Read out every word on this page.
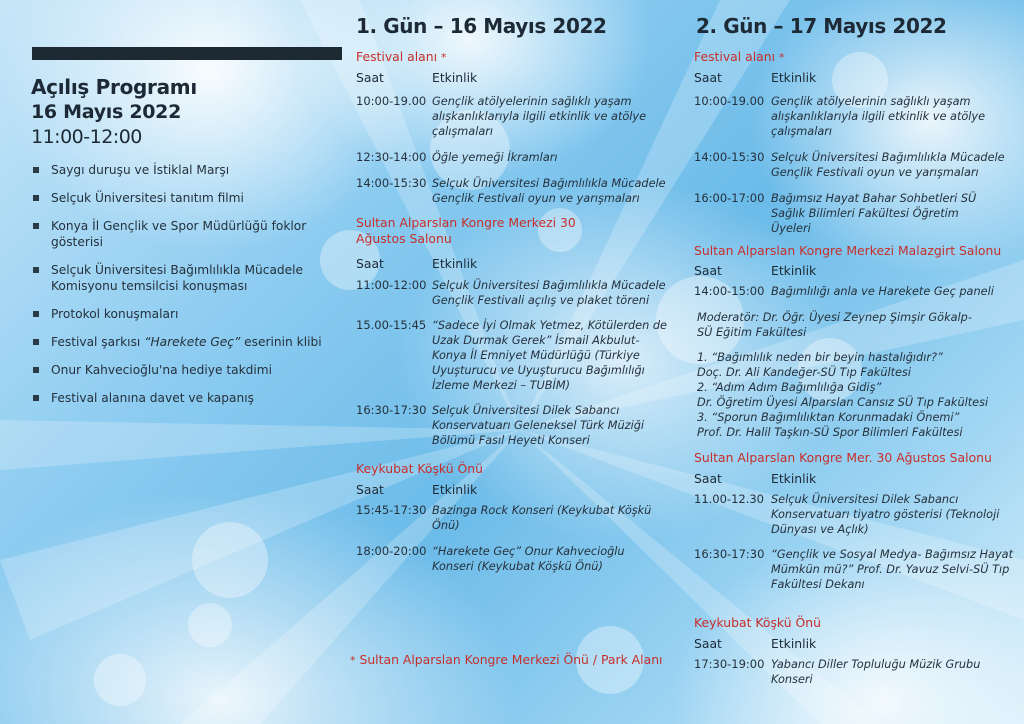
Açılış Programı
16 Mayıs 2022
11:00-12:00
Saygı duruşu ve İstiklal Marşı
Selçuk Üniversitesi tanıtım filmi
Konya İl Gençlik ve Spor Müdürlüğü foklor gösterisi
Selçuk Üniversitesi Bağımlılıkla Mücadele Komisyonu temsilcisi konuşması
Protokol konuşmaları
Festival şarkısı “Harekete Geç” eserinin klibi
Onur Kahvecioğlu'na hediye takdimi
Festival alanına davet ve kapanış
1. Gün – 16 Mayıs 2022
Festival alanı *
Saat	Etkinlik
10:00-19.00 Gençlik atölyelerinin sağlıklı yaşam alışkanlıklarıyla ilgili etkinlik ve atölye çalışmaları
12:30-14:00 Öğle yemeği İkramları
14:00-15:30 Selçuk Üniversitesi Bağımlılıkla Mücadele Gençlik Festivali oyun ve yarışmaları
Sultan Alparslan Kongre Merkezi 30 Ağustos Salonu
Saat	Etkinlik
11:00-12:00 Selçuk Üniversitesi Bağımlılıkla Mücadele Gençlik Festivali açılış ve plaket töreni
15.00-15:45 “Sadece İyi Olmak Yetmez, Kötülerden de Uzak Durmak Gerek” İsmail Akbulut- Konya İl Emniyet Müdürlüğü (Türkiye Uyuşturucu ve Uyuşturucu Bağımlılığı İzleme Merkezi – TUBİM)
16:30-17:30 Selçuk Üniversitesi Dilek Sabancı Konservatuarı Geleneksel Türk Müziği Bölümü Fasıl Heyeti Konseri
Keykubat Köşkü Önü
Saat	Etkinlik
15:45-17:30 Bazinga Rock Konseri (Keykubat Köşkü Önü)
18:00-20:00 “Harekete Geç” Onur Kahvecioğlu Konseri (Keykubat Köşkü Önü)
* Sultan Alparslan Kongre Merkezi Önü / Park Alanı
2. Gün – 17 Mayıs 2022
Festival alanı *
Saat	Etkinlik
10:00-19.00 Gençlik atölyelerinin sağlıklı yaşam alışkanlıklarıyla ilgili etkinlik ve atölye çalışmaları
14:00-15:30 Selçuk Üniversitesi Bağımlılıkla Mücadele Gençlik Festivali oyun ve yarışmaları
16:00-17:00 Bağımsız Hayat Bahar Sohbetleri SÜ Sağlık Bilimleri Fakültesi Öğretim Üyeleri
Sultan Alparslan Kongre Merkezi Malazgirt Salonu
Saat	Etkinlik
14:00-15:00 Bağımlılığı anla ve Harekete Geç paneli
Moderatör: Dr. Öğr. Üyesi Zeynep Şimşir Gökalp-SÜ Eğitim Fakültesi
1. “Bağımlılık neden bir beyin hastalığıdır?”
Doç. Dr. Ali Kandeğer-SÜ Tıp Fakültesi
2. “Adım Adım Bağımlılığa Gidiş”
Dr. Öğretim Üyesi Alparslan Cansız SÜ Tıp Fakültesi
3. “Sporun Bağımlılıktan Korunmadaki Önemi”
Prof. Dr. Halil Taşkın-SÜ Spor Bilimleri Fakültesi
Sultan Alparslan Kongre Mer. 30 Ağustos Salonu
Saat	Etkinlik
11.00-12.30 Selçuk Üniversitesi Dilek Sabancı Konservatuarı tiyatro gösterisi (Teknoloji Dünyası ve Açlık)
16:30-17:30 “Gençlik ve Sosyal Medya- Bağımsız Hayat Mümkün mü?” Prof. Dr. Yavuz Selvi-SÜ Tıp Fakültesi Dekanı
Keykubat Köşkü Önü
Saat	Etkinlik
17:30-19:00 Yabancı Diller Topluluğu Müzik Grubu Konseri
